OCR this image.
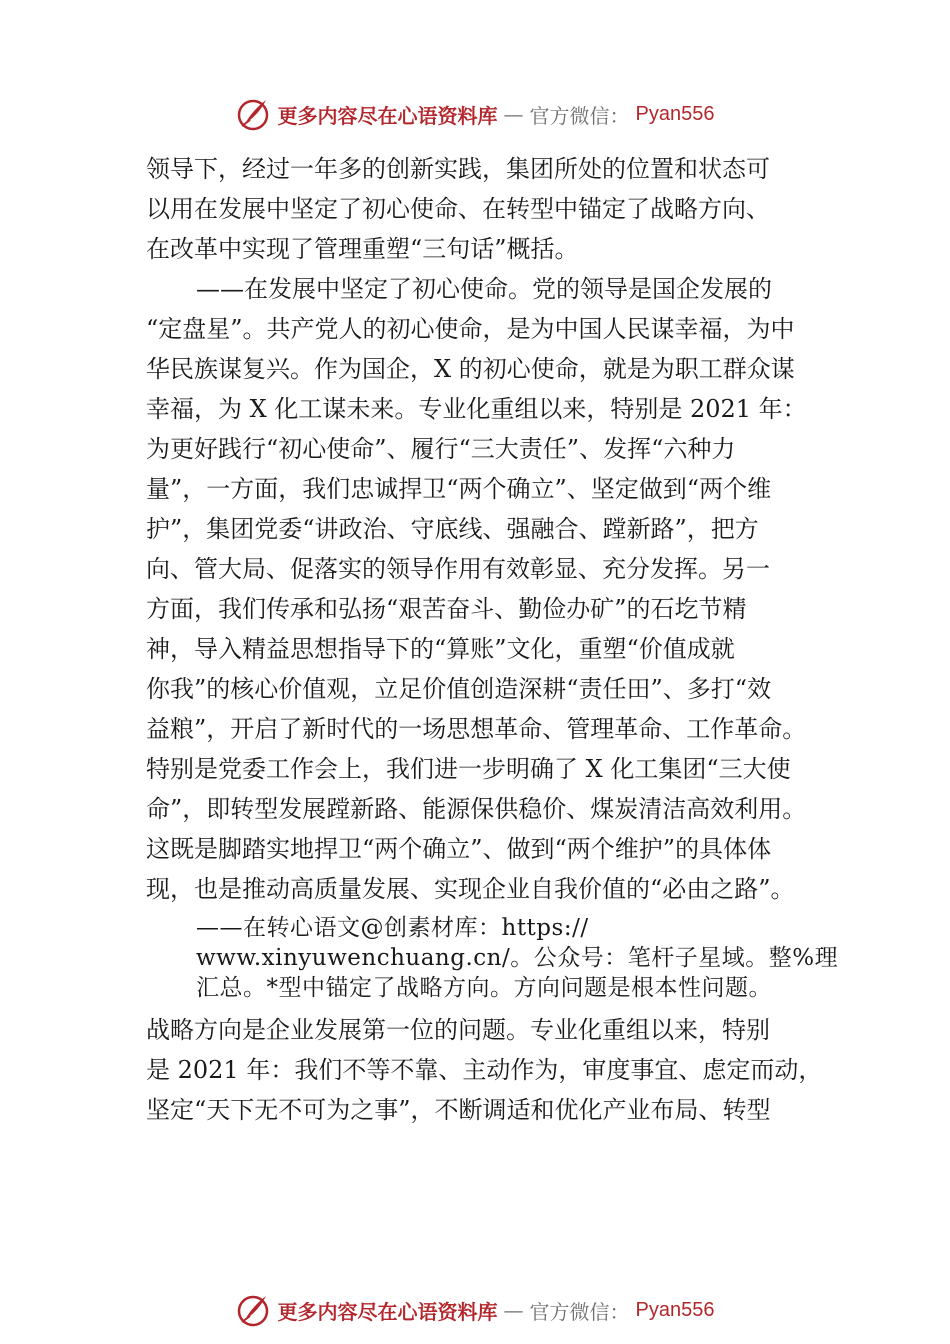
更多内容尽在心语资料库 — 官方微信： Pyan556
领导下，经过一年多的创新实践，集团所处的位置和状态可
以用在发展中坚定了初心使命、在转型中锚定了战略方向、
在改革中实现了管理重塑“三句话”概括。
——在发展中坚定了初心使命。党的领导是国企发展的
“定盘星”。共产党人的初心使命，是为中国人民谋幸福，为中
华民族谋复兴。作为国企，X 的初心使命，就是为职工群众谋
幸福，为 X 化工谋未来。专业化重组以来，特别是 2021 年：
为更好践行“初心使命”、履行“三大责任”、发挥“六种力
量”，一方面，我们忠诚捍卫“两个确立”、坚定做到“两个维
护”，集团党委“讲政治、守底线、强融合、蹚新路”，把方
向、管大局、促落实的领导作用有效彰显、充分发挥。另一
方面，我们传承和弘扬“艰苦奋斗、勤俭办矿”的石圪节精
神，导入精益思想指导下的“算账”文化，重塑“价值成就
你我”的核心价值观，立足价值创造深耕“责任田”、多打“效
益粮”，开启了新时代的一场思想革命、管理革命、工作革命。
特别是党委工作会上，我们进一步明确了 X 化工集团“三大使
命”，即转型发展蹚新路、能源保供稳价、煤炭清洁高效利用。
这既是脚踏实地捍卫“两个确立”、做到“两个维护”的具体体
现，也是推动高质量发展、实现企业自我价值的“必由之路”。
——在转心语文@创素材库：https://
www.xinyuwenchuang.cn/。公众号：笔杆子星域。整%理
汇总。*型中锚定了战略方向。方向问题是根本性问题。
战略方向是企业发展第一位的问题。专业化重组以来，特别
是 2021 年：我们不等不靠、主动作为，审度事宜、虑定而动，
坚定“天下无不可为之事”，不断调适和优化产业布局、转型
更多内容尽在心语资料库 — 官方微信： Pyan556
